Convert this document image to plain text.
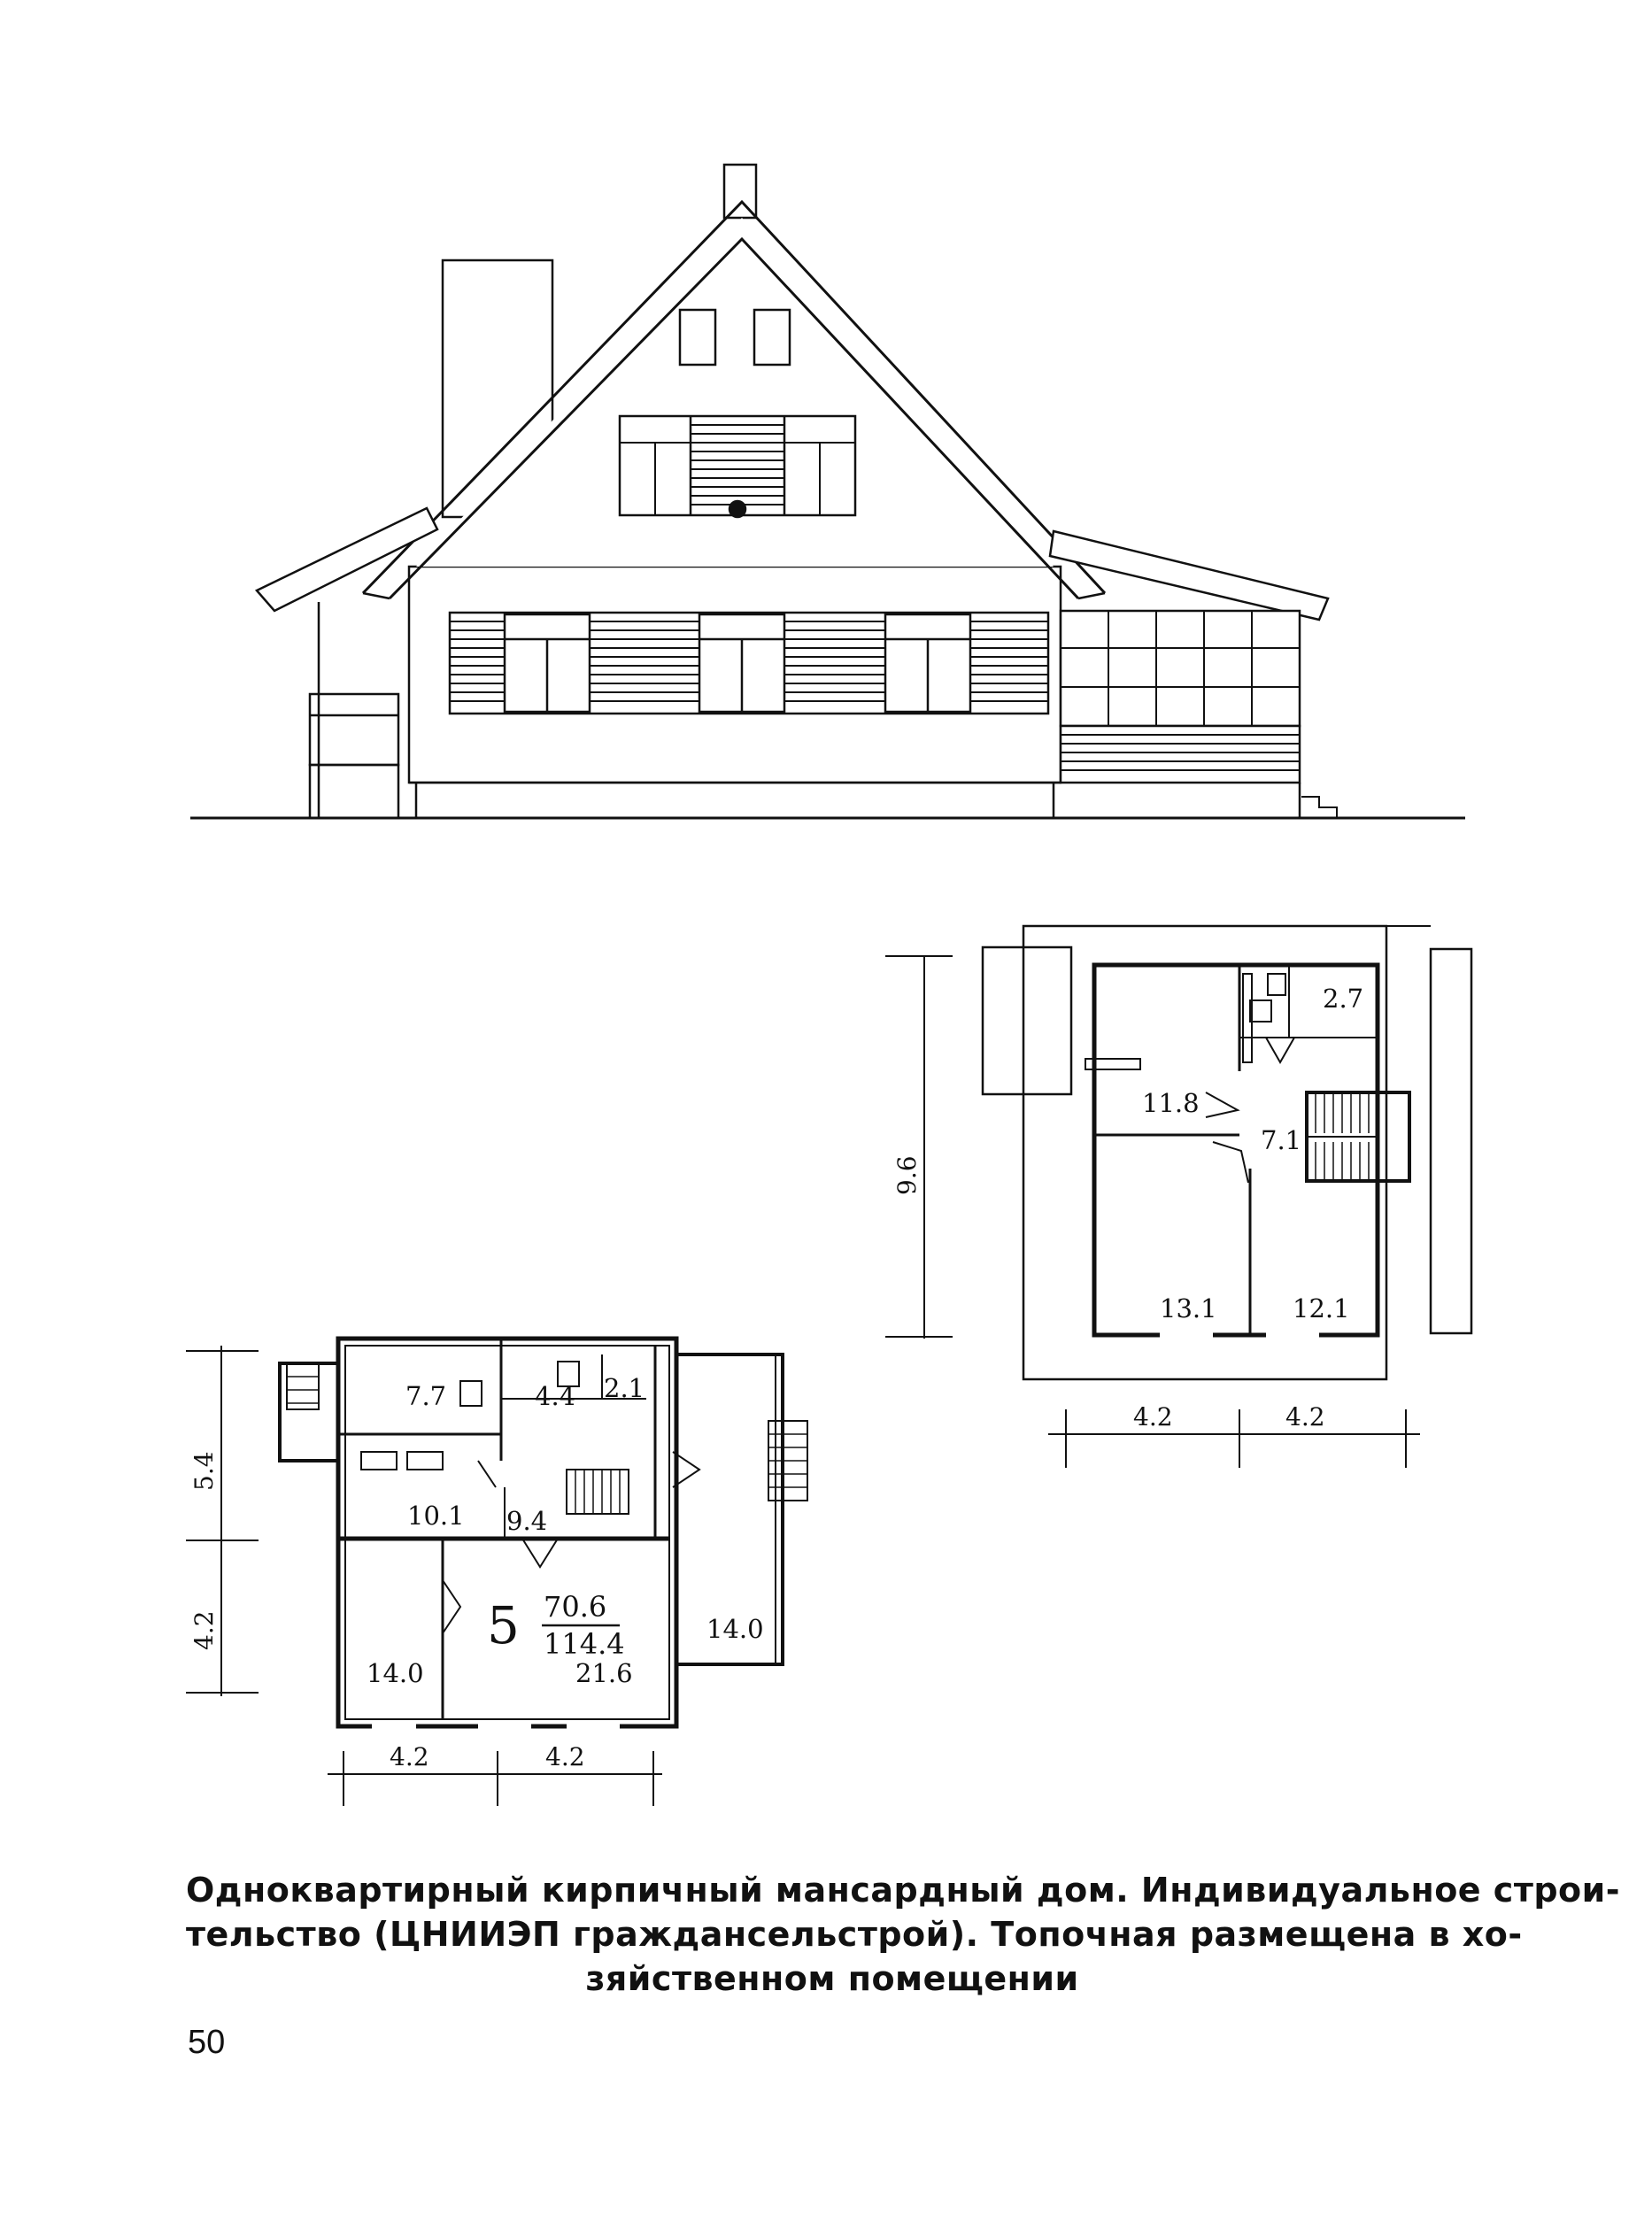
7.7	4.4 2.1
10.1 9.4
14.0	21.6
14.0
5 70.6
114.4
4.2	4.2
5.4
4.2
2.7
11.8
7.1
13.1	12.1
4.2	4.2
9.6
Одноквартирный кирпичный мансардный дом. Индивидуальное строи-
тельство (ЦНИИЭП граждансельстрой). Топочная размещена в хо-
зяйственном помещении
50
